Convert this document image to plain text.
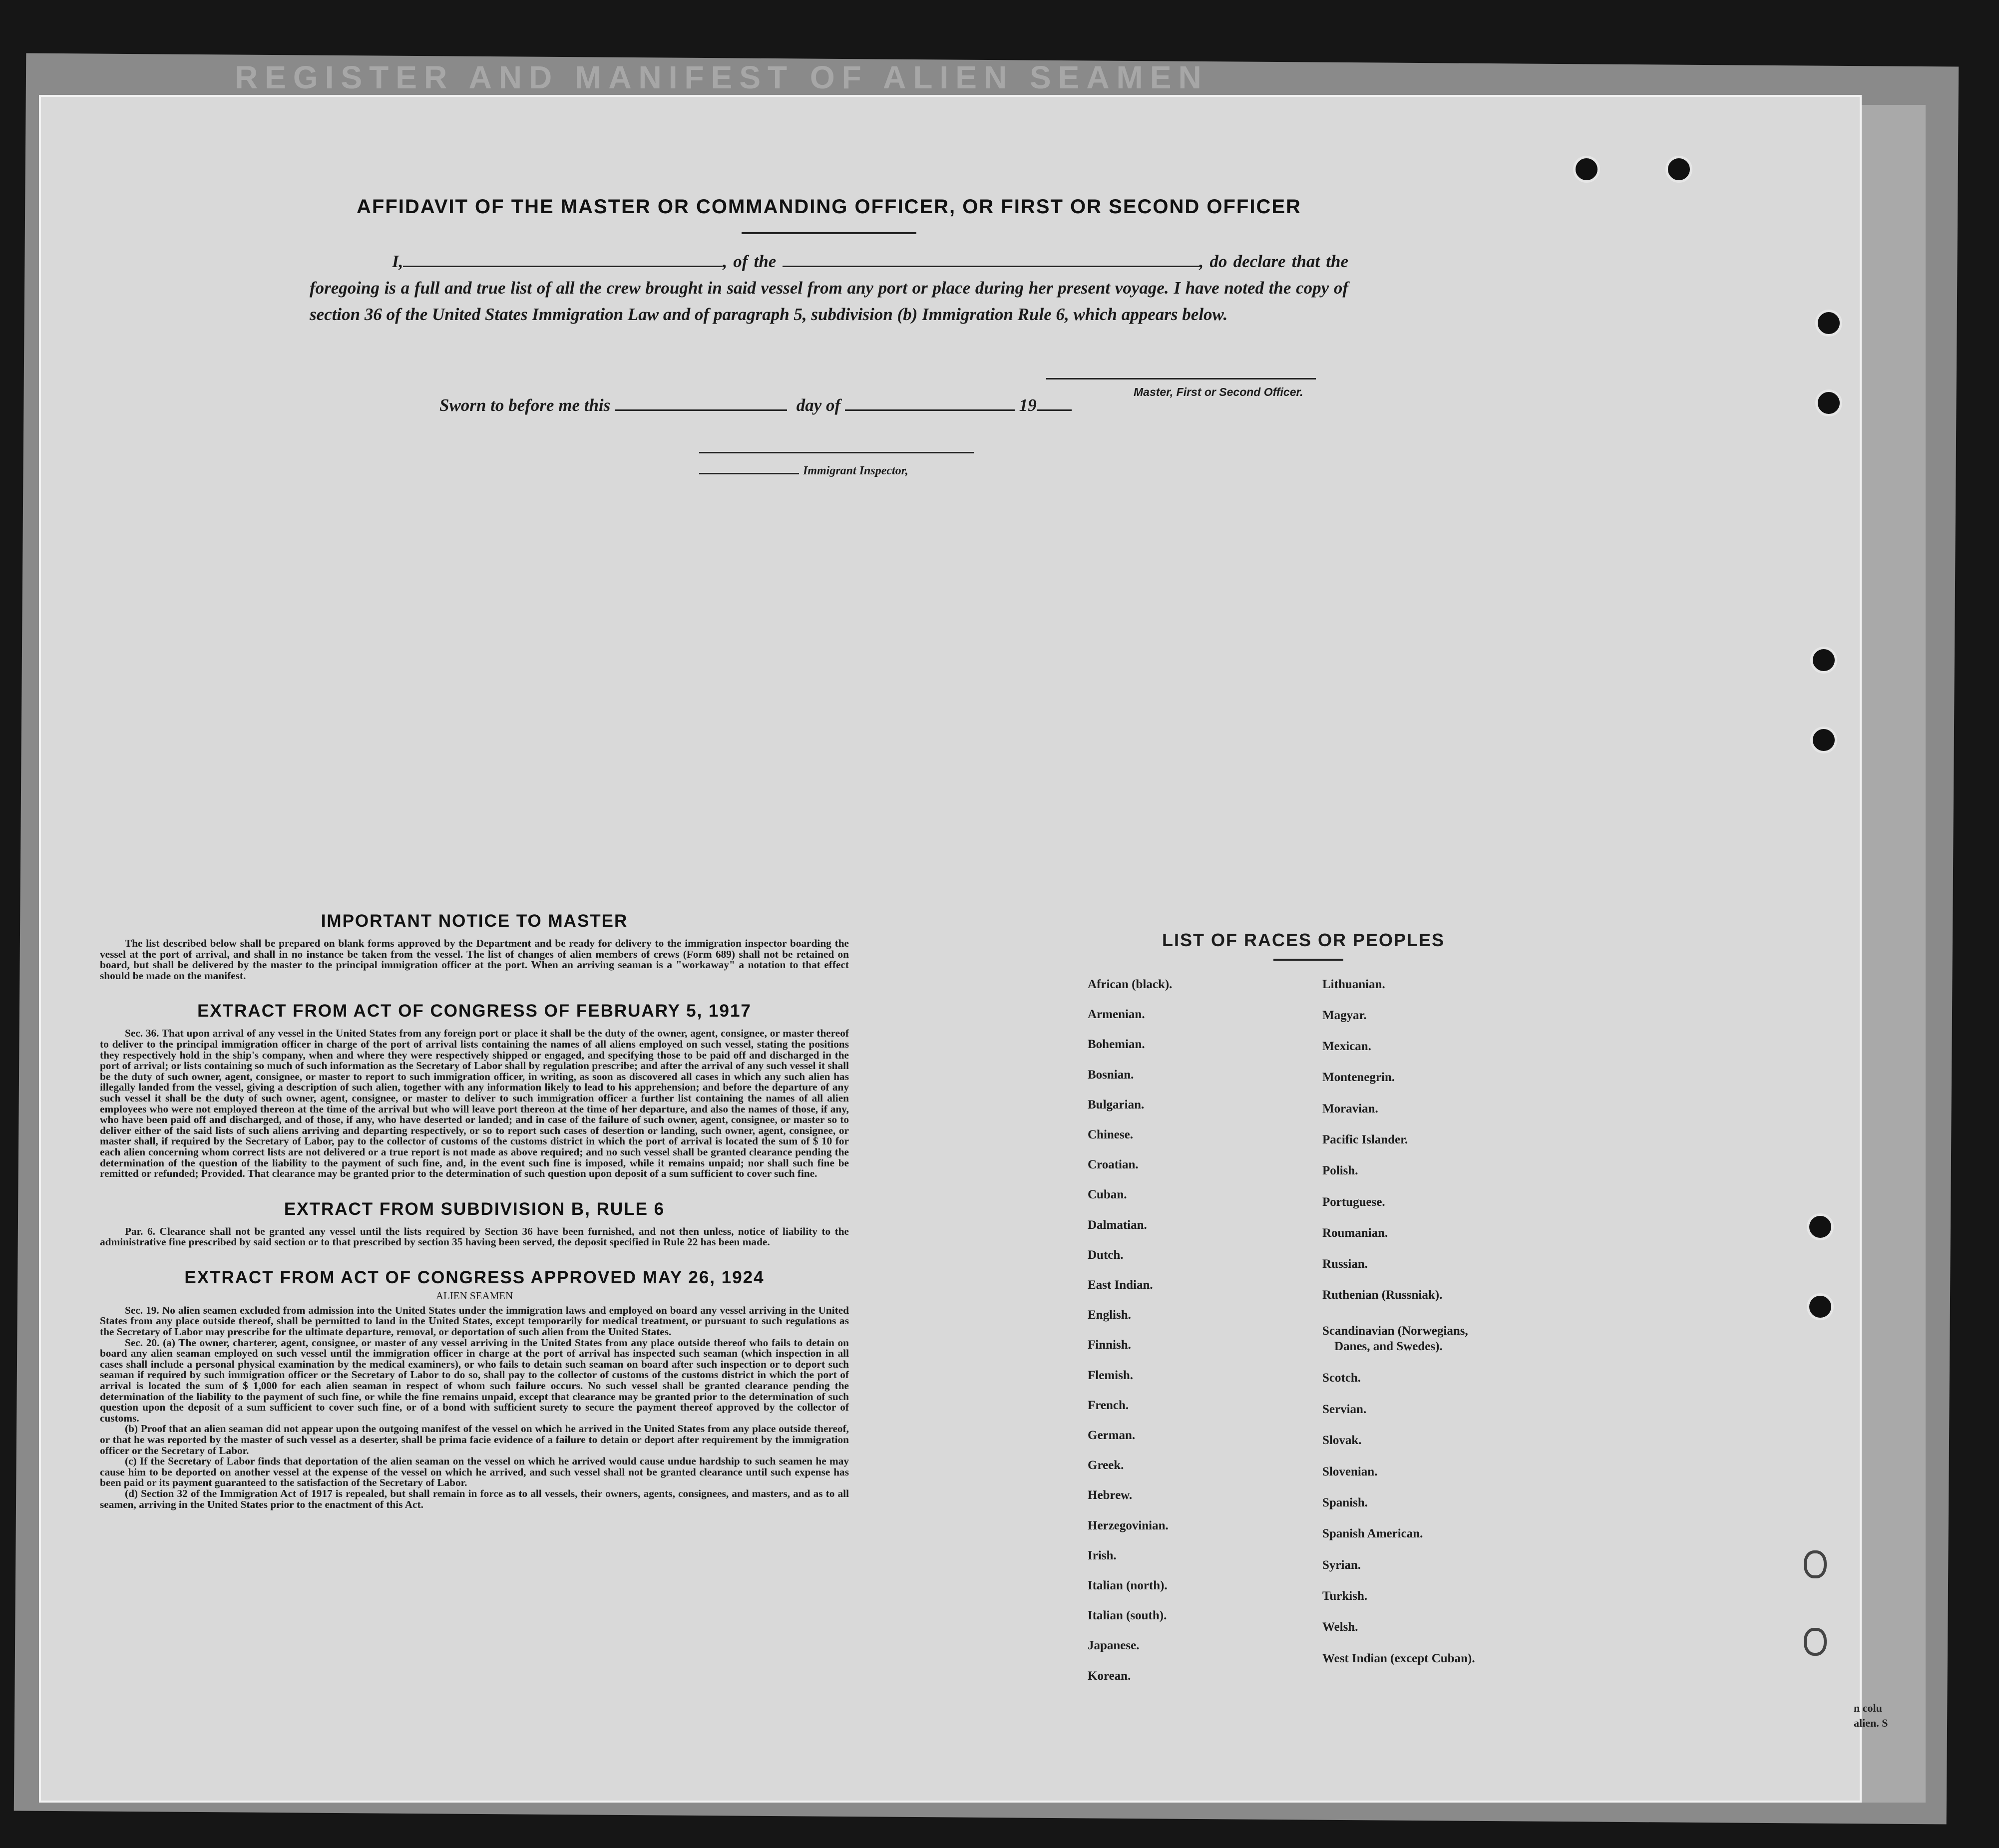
REGISTER AND MANIFEST OF ALIEN SEAMEN
AFFIDAVIT OF THE MASTER OR COMMANDING OFFICER, OR FIRST OR SECOND OFFICER
I,	, of the	, do declare that the foregoing is a full and true list of all the crew brought in said vessel from any port or place during her present voyage. I have noted the copy of section 36 of the United States Immigration Law and of paragraph 5, subdivision (b) Immigration Rule 6, which appears below.
Master, First or Second Officer.
Sworn to before me this	day of	19
Immigrant Inspector,
IMPORTANT NOTICE TO MASTER

The list described below shall be prepared on blank forms approved by the Department and be ready for delivery to the immigration inspector boarding the vessel at the port of arrival, and shall in no instance be taken from the vessel. The list of changes of alien members of crews (Form 689) shall not be retained on board, but shall be delivered by the master to the principal immigration officer at the port. When an arriving seaman is a "workaway" a notation to that effect should be made on the manifest.

EXTRACT FROM ACT OF CONGRESS OF FEBRUARY 5, 1917

Sec. 36. That upon arrival of any vessel in the United States from any foreign port or place it shall be the duty of the owner, agent, consignee, or master thereof to deliver to the principal immigration officer in charge of the port of arrival lists containing the names of all aliens employed on such vessel, stating the positions they respectively hold in the ship's company, when and where they were respectively shipped or engaged, and specifying those to be paid off and discharged in the port of arrival; or lists containing so much of such information as the Secretary of Labor shall by regulation prescribe; and after the arrival of any such vessel it shall be the duty of such owner, agent, consignee, or master to report to such immigration officer, in writing, as soon as discovered all cases in which any such alien has illegally landed from the vessel, giving a description of such alien, together with any information likely to lead to his apprehension; and before the departure of any such vessel it shall be the duty of such owner, agent, consignee, or master to deliver to such immigration officer a further list containing the names of all alien employees who were not employed thereon at the time of the arrival but who will leave port thereon at the time of her departure, and also the names of those, if any, who have been paid off and discharged, and of those, if any, who have deserted or landed; and in case of the failure of such owner, agent, consignee, or master so to deliver either of the said lists of such aliens arriving and departing respectively, or so to report such cases of desertion or landing, such owner, agent, consignee, or master shall, if required by the Secretary of Labor, pay to the collector of customs of the customs district in which the port of arrival is located the sum of $ 10 for each alien concerning whom correct lists are not delivered or a true report is not made as above required; and no such vessel shall be granted clearance pending the determination of the question of the liability to the payment of such fine, and, in the event such fine is imposed, while it remains unpaid; nor shall such fine be remitted or refunded; Provided. That clearance may be granted prior to the determination of such question upon deposit of a sum sufficient to cover such fine.

EXTRACT FROM SUBDIVISION B, RULE 6

Par. 6. Clearance shall not be granted any vessel until the lists required by Section 36 have been furnished, and not then unless, notice of liability to the administrative fine prescribed by said section or to that prescribed by section 35 having been served, the deposit specified in Rule 22 has been made.

EXTRACT FROM ACT OF CONGRESS APPROVED MAY 26, 1924
ALIEN SEAMEN

Sec. 19. No alien seamen excluded from admission into the United States under the immigration laws and employed on board any vessel arriving in the United States from any place outside thereof, shall be permitted to land in the United States, except temporarily for medical treatment, or pursuant to such regulations as the Secretary of Labor may prescribe for the ultimate departure, removal, or deportation of such alien from the United States.

Sec. 20. (a) The owner, charterer, agent, consignee, or master of any vessel arriving in the United States from any place outside thereof who fails to detain on board any alien seaman employed on such vessel until the immigration officer in charge at the port of arrival has inspected such seaman (which inspection in all cases shall include a personal physical examination by the medical examiners), or who fails to detain such seaman on board after such inspection or to deport such seaman if required by such immigration officer or the Secretary of Labor to do so, shall pay to the collector of customs of the customs district in which the port of arrival is located the sum of $ 1,000 for each alien seaman in respect of whom such failure occurs. No such vessel shall be granted clearance pending the determination of the liability to the payment of such fine, or while the fine remains unpaid, except that clearance may be granted prior to the determination of such question upon the deposit of a sum sufficient to cover such fine, or of a bond with sufficient surety to secure the payment thereof approved by the collector of customs.

(b) Proof that an alien seaman did not appear upon the outgoing manifest of the vessel on which he arrived in the United States from any place outside thereof, or that he was reported by the master of such vessel as a deserter, shall be prima facie evidence of a failure to detain or deport after requirement by the immigration officer or the Secretary of Labor.

(c) If the Secretary of Labor finds that deportation of the alien seaman on the vessel on which he arrived would cause undue hardship to such seamen he may cause him to be deported on another vessel at the expense of the vessel on which he arrived, and such vessel shall not be granted clearance until such expense has been paid or its payment guaranteed to the satisfaction of the Secretary of Labor.

(d) Section 32 of the Immigration Act of 1917 is repealed, but shall remain in force as to all vessels, their owners, agents, consignees, and masters, and as to all seamen, arriving in the United States prior to the enactment of this Act.

LIST OF RACES OR PEOPLES
African (black).
Armenian.
Bohemian.
Bosnian.
Bulgarian.
Chinese.
Croatian.
Cuban.
Dalmatian.
Dutch.
East Indian.
English.
Finnish.
Flemish.
French.
German.
Greek.
Hebrew.
Herzegovinian.
Irish.
Italian (north).
Italian (south).
Japanese.
Korean.
Lithuanian.
Magyar.
Mexican.
Montenegrin.
Moravian.
Pacific Islander.
Polish.
Portuguese.
Roumanian.
Russian.
Ruthenian (Russniak).
Scandinavian (Norwegians,
Danes, and Swedes).
Scotch.
Servian.
Slovak.
Slovenian.
Spanish.
Spanish American.
Syrian.
Turkish.
Welsh.
West Indian (except Cuban).
n colu
alien. S
